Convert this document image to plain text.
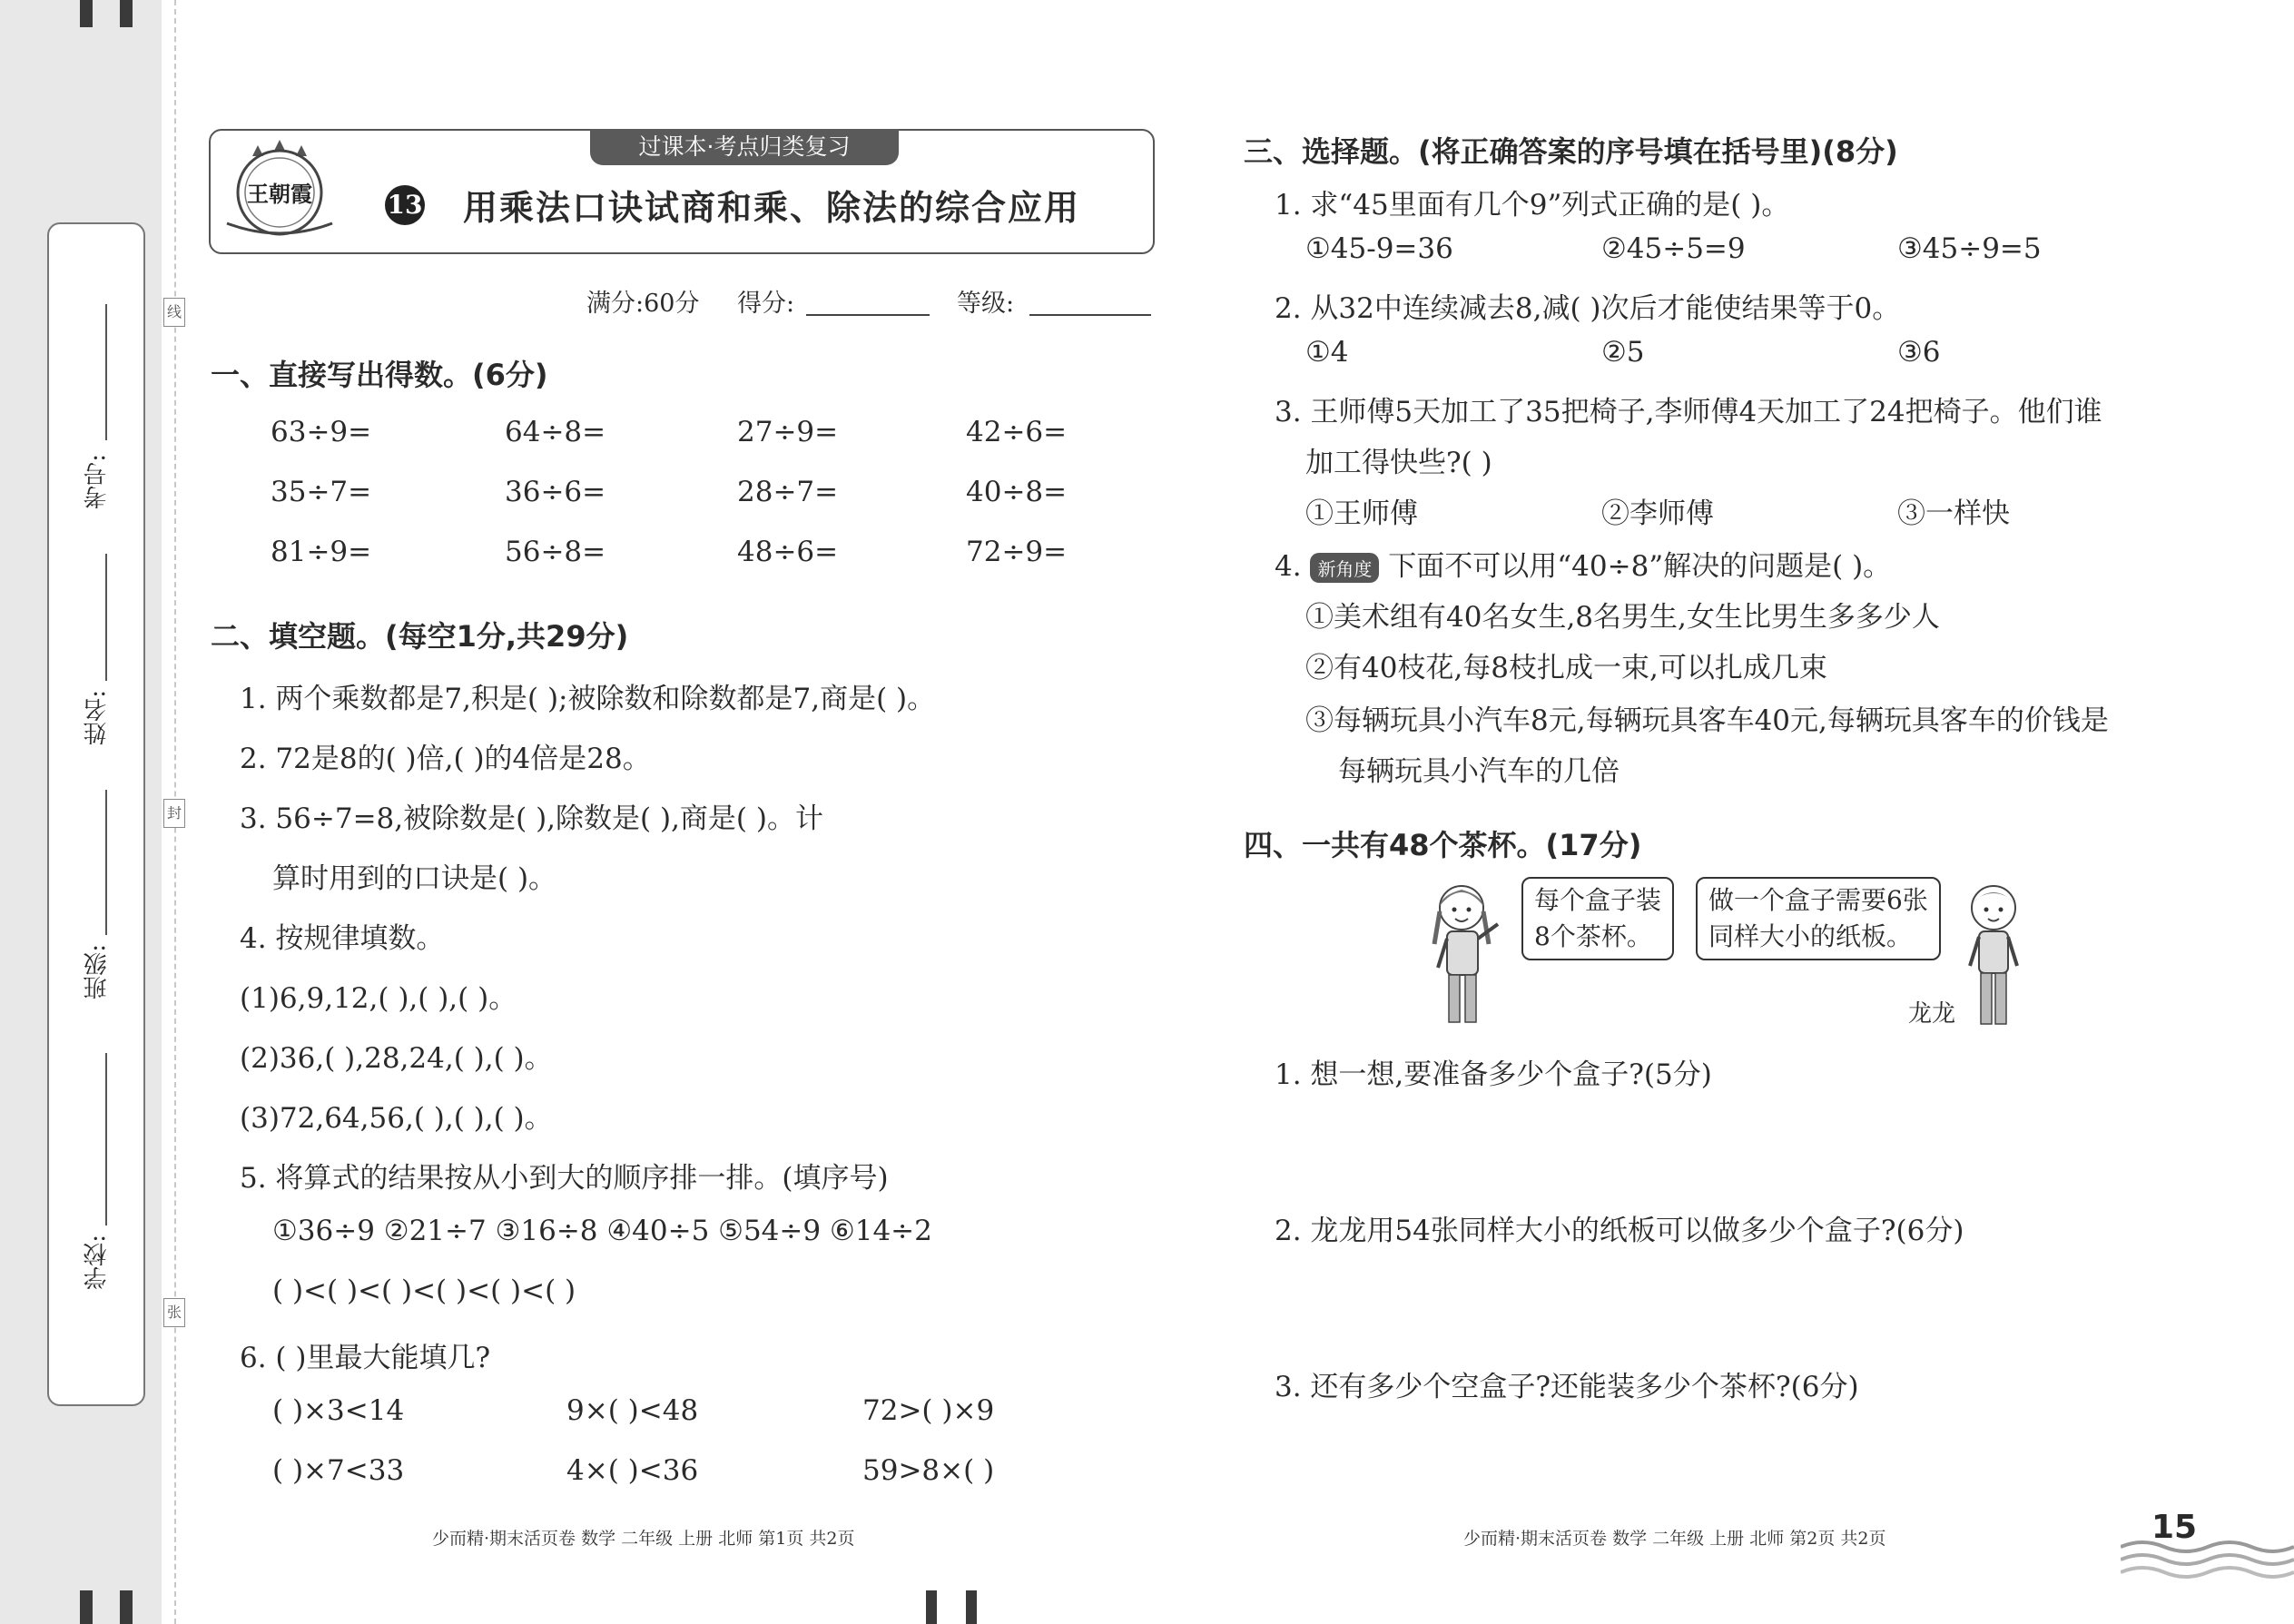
考号:
姓名:
班级:
学校:
线
封
张
过课本·考点归类复习
王朝霞	13 用乘法口诀试商和乘、除法的综合应用
满分:60分 得分:	等级:
一、直接写出得数。(6分)
63÷9=	64÷8=	27÷9=	42÷6=
35÷7=	36÷6=	28÷7=	40÷8=
81÷9=	56÷8=	48÷6=	72÷9=
二、填空题。(每空1分,共29分)
1. 两个乘数都是7,积是( );被除数和除数都是7,商是( )。
2. 72是8的( )倍,( )的4倍是28。
3. 56÷7=8,被除数是( ),除数是( ),商是( )。计
算时用到的口诀是( )。
4. 按规律填数。
(1)6,9,12,( ),( ),( )。
(2)36,( ),28,24,( ),( )。
(3)72,64,56,( ),( ),( )。
5. 将算式的结果按从小到大的顺序排一排。(填序号)
①36÷9 ②21÷7 ③16÷8 ④40÷5 ⑤54÷9 ⑥14÷2
( )<( )<( )<( )<( )<( )
6. ( )里最大能填几?
( )×3<14	9×( )<48	72>( )×9
( )×7<33	4×( )<36	59>8×( )
少而精·期末活页卷 数学 二年级 上册 北师 第1页 共2页
三、选择题。(将正确答案的序号填在括号里)(8分)
1. 求“45里面有几个9”列式正确的是( )。
①45-9=36	②45÷5=9	③45÷9=5
2. 从32中连续减去8,减( )次后才能使结果等于0。
①4	②5	③6
3. 王师傅5天加工了35把椅子,李师傅4天加工了24把椅子。他们谁
加工得快些?( )
①王师傅	②李师傅	③一样快
4. 新角度 下面不可以用“40÷8”解决的问题是( )。
①美术组有40名女生,8名男生,女生比男生多多少人
②有40枝花,每8枝扎成一束,可以扎成几束
③每辆玩具小汽车8元,每辆玩具客车40元,每辆玩具客车的价钱是
每辆玩具小汽车的几倍
四、一共有48个茶杯。(17分)
每个盒子装
8个茶杯。
做一个盒子需要6张
同样大小的纸板。
龙龙
1. 想一想,要准备多少个盒子?(5分)
2. 龙龙用54张同样大小的纸板可以做多少个盒子?(6分)
3. 还有多少个空盒子?还能装多少个茶杯?(6分)
少而精·期末活页卷 数学 二年级 上册 北师 第2页 共2页	15
